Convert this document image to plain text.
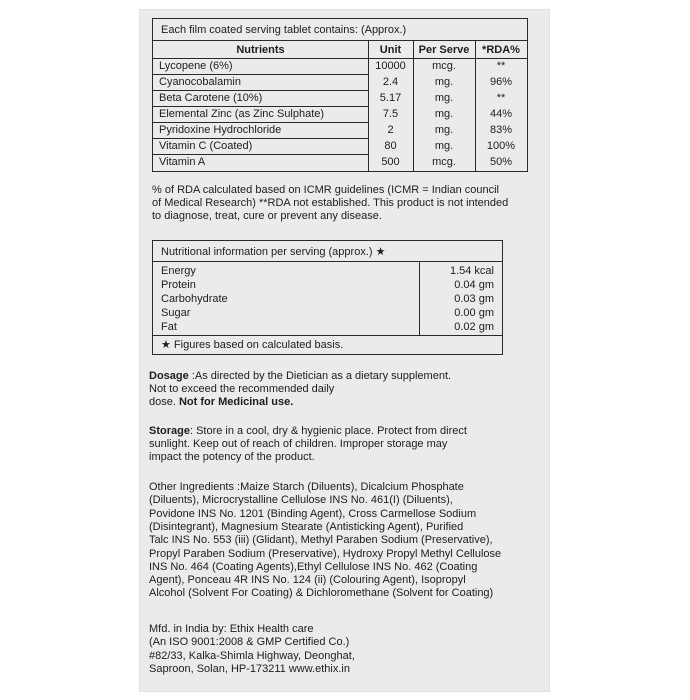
Each film coated serving tablet contains: (Approx.)
Nutrients	Unit	Per Serve	*RDA%
Lycopene (6%)	10000	mcg.	**
Cyanocobalamin	2.4	mg.	96%
Beta Carotene (10%)	5.17	mg.	**
Elemental Zinc (as Zinc Sulphate)	7.5	mg.	44%
Pyridoxine Hydrochloride	2	mg.	83%
Vitamin C (Coated)	80	mg.	100%
Vitamin A	500	mcg.	50%
% of RDA calculated based on ICMR guidelines (ICMR = Indian council
of Medical Research) **RDA not established. This product is not intended
to diagnose, treat, cure or prevent any disease.
Nutritional information per serving (approx.) ★
Energy	1.54 kcal
Protein	0.04 gm
Carbohydrate	0.03 gm
Sugar	0.00 gm
Fat	0.02 gm
★ Figures based on calculated basis.
Dosage :As directed by the Dietician as a dietary supplement.
Not to exceed the recommended daily
dose. Not for Medicinal use.
Storage: Store in a cool, dry & hygienic place. Protect from direct
sunlight. Keep out of reach of children. Improper storage may
impact the potency of the product.
Other Ingredients :Maize Starch (Diluents), Dicalcium Phosphate
(Diluents), Microcrystalline Cellulose INS No. 461(I) (Diluents),
Povidone INS No. 1201 (Binding Agent), Cross Carmellose Sodium
(Disintegrant), Magnesium Stearate (Antisticking Agent), Purified
Talc INS No. 553 (iii) (Glidant), Methyl Paraben Sodium (Preservative),
Propyl Paraben Sodium (Preservative), Hydroxy Propyl Methyl Cellulose
INS No. 464 (Coating Agents),Ethyl Cellulose INS No. 462 (Coating
Agent), Ponceau 4R INS No. 124 (ii) (Colouring Agent), Isopropyl
Alcohol (Solvent For Coating) & Dichloromethane (Solvent for Coating)
Mfd. in India by: Ethix Health care
(An ISO 9001:2008 & GMP Certified Co.)
#82/33, Kalka-Shimla Highway, Deonghat,
Saproon, Solan, HP-173211 www.ethix.in
